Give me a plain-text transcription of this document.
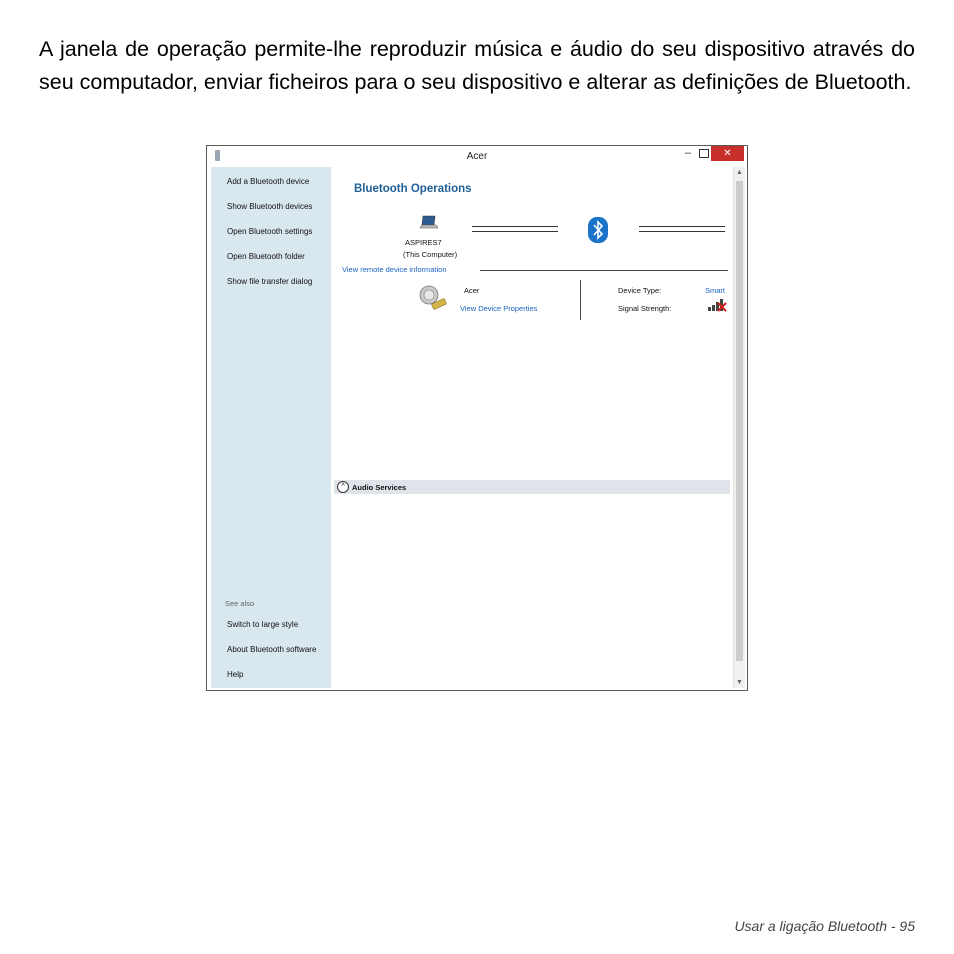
A janela de operação permite-lhe reproduzir música e áudio do seu dispositivo através do seu computador, enviar ficheiros para o seu dispositivo e alterar as definições de Bluetooth.
Acer	–	✕
Add a Bluetooth device
Show Bluetooth devices
Open Bluetooth settings
Open Bluetooth folder
Show file transfer dialog
See also
Switch to large style
About Bluetooth software
Help
Bluetooth Operations
ASPIRES7
(This Computer)
View remote device information
Acer
View Device Properties
Device Type:	Smart
Signal Strength:
^ Audio Services
▲
▼
Usar a ligação Bluetooth - 95
